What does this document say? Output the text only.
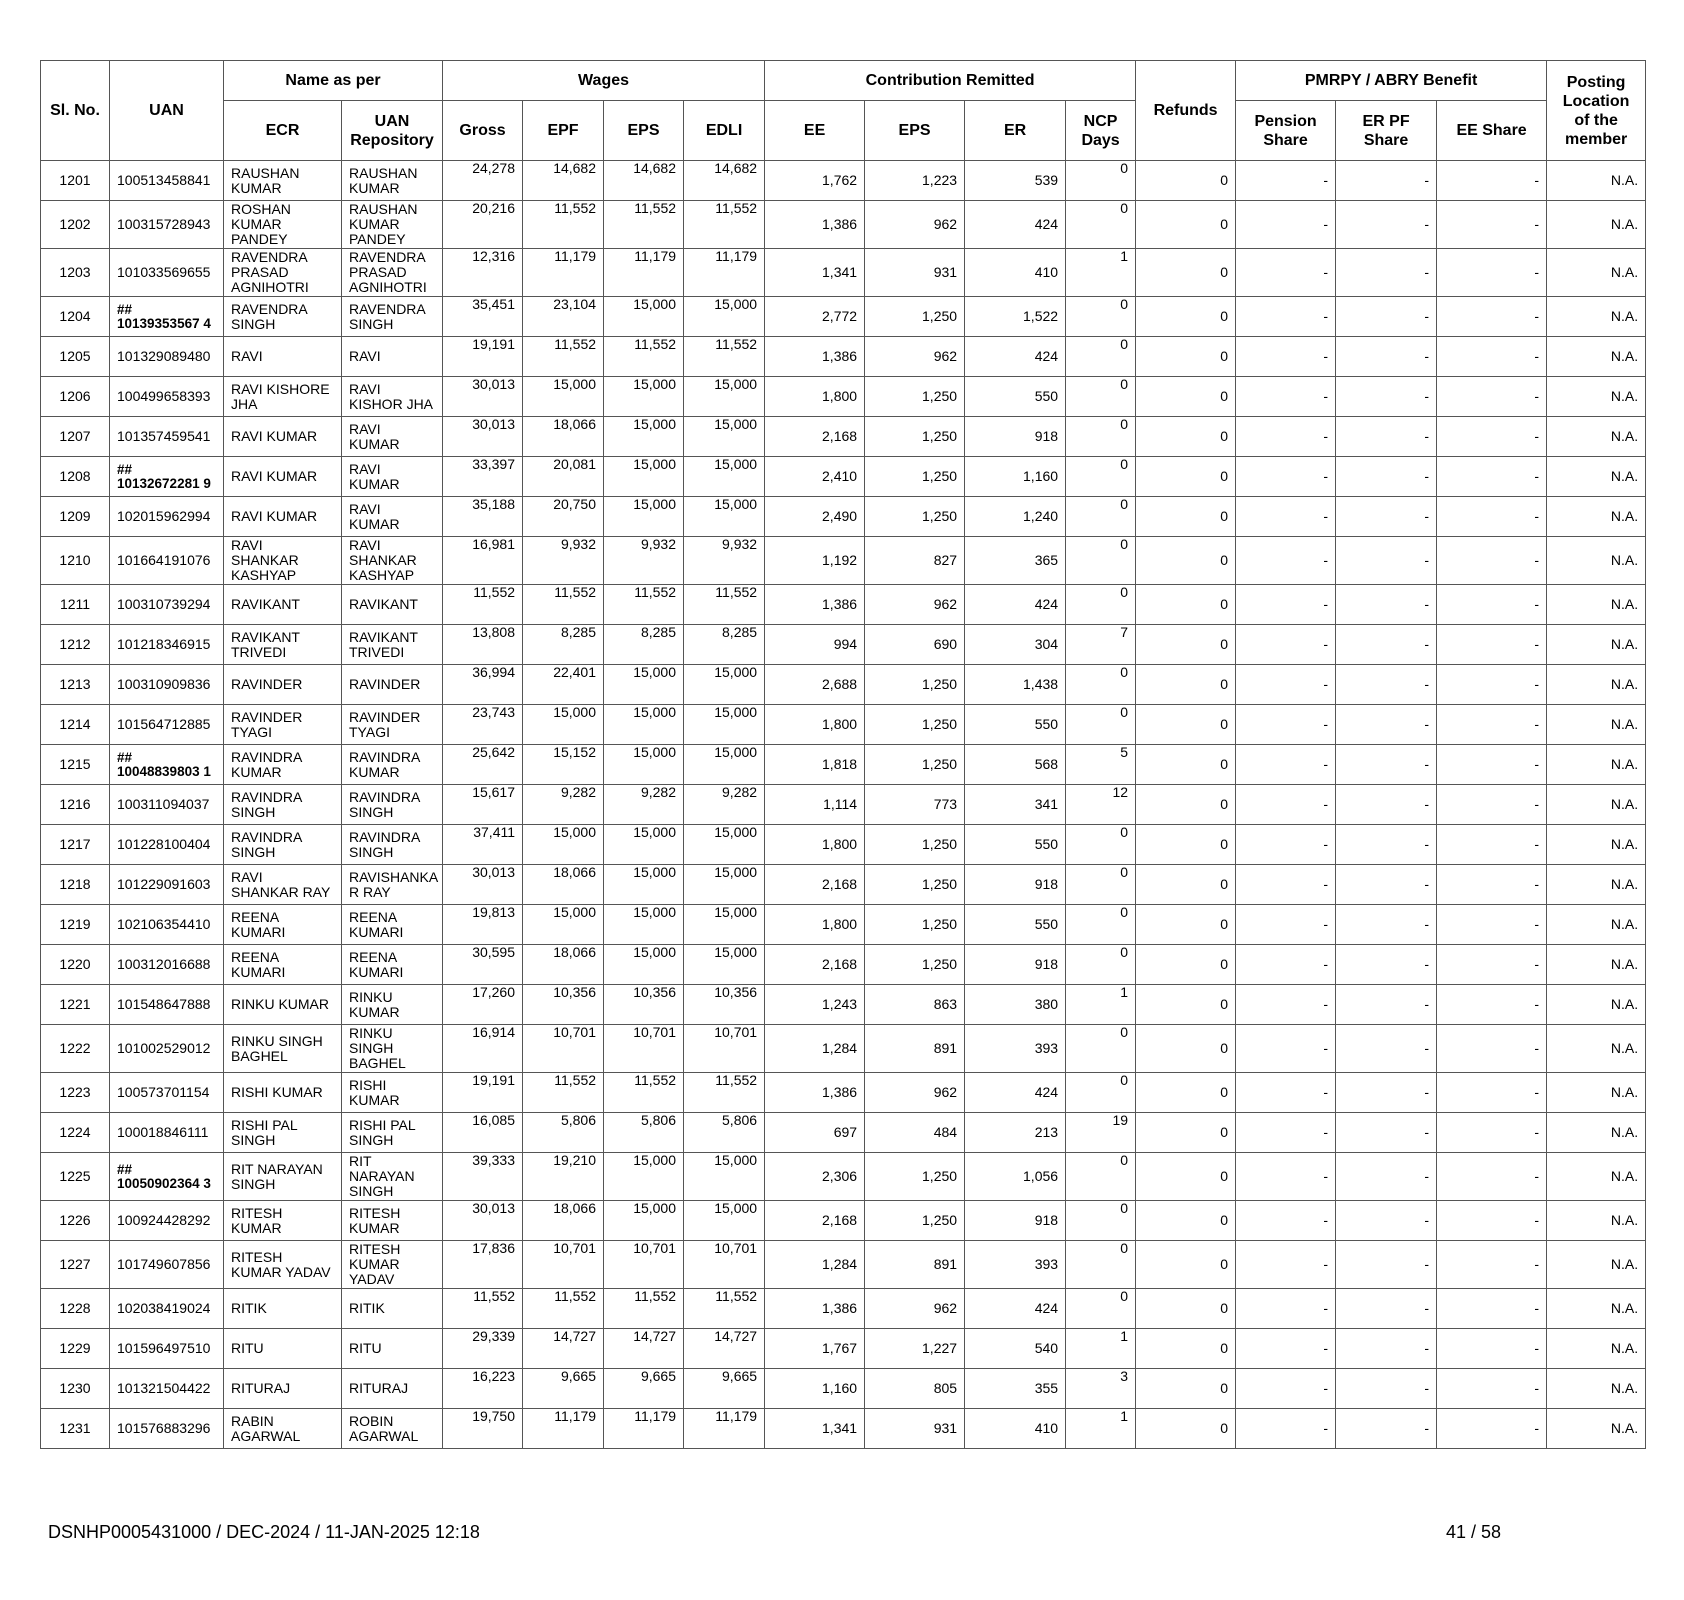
Sl. No.	UAN	Name as per		Wages				Contribution Remitted				Refunds	PMRPY / ABRY Benefit			Posting Location of the member
		ECR	UAN Repository	Gross	EPF	EPS	EDLI	EE	EPS	ER	NCP Days		Pension Share	ER PF Share	EE Share	
1201	100513458841	RAUSHAN KUMAR	RAUSHAN KUMAR	24,278	14,682	14,682	14,682	1,762	1,223	539	0	0	-	-	-	N.A.
1202	100315728943	ROSHAN KUMAR PANDEY	RAUSHAN KUMAR PANDEY	20,216	11,552	11,552	11,552	1,386	962	424	0	0	-	-	-	N.A.
1203	101033569655	RAVENDRA PRASAD AGNIHOTRI	RAVENDRA PRASAD AGNIHOTRI	12,316	11,179	11,179	11,179	1,341	931	410	1	0	-	-	-	N.A.
1204	## 10139353567 4	RAVENDRA SINGH	RAVENDRA SINGH	35,451	23,104	15,000	15,000	2,772	1,250	1,522	0	0	-	-	-	N.A.
1205	101329089480	RAVI	RAVI	19,191	11,552	11,552	11,552	1,386	962	424	0	0	-	-	-	N.A.
1206	100499658393	RAVI KISHORE JHA	RAVI KISHOR JHA	30,013	15,000	15,000	15,000	1,800	1,250	550	0	0	-	-	-	N.A.
1207	101357459541	RAVI KUMAR	RAVI KUMAR	30,013	18,066	15,000	15,000	2,168	1,250	918	0	0	-	-	-	N.A.
1208	## 10132672281 9	RAVI KUMAR	RAVI KUMAR	33,397	20,081	15,000	15,000	2,410	1,250	1,160	0	0	-	-	-	N.A.
1209	102015962994	RAVI KUMAR	RAVI KUMAR	35,188	20,750	15,000	15,000	2,490	1,250	1,240	0	0	-	-	-	N.A.
1210	101664191076	RAVI SHANKAR KASHYAP	RAVI SHANKAR KASHYAP	16,981	9,932	9,932	9,932	1,192	827	365	0	0	-	-	-	N.A.
1211	100310739294	RAVIKANT	RAVIKANT	11,552	11,552	11,552	11,552	1,386	962	424	0	0	-	-	-	N.A.
1212	101218346915	RAVIKANT TRIVEDI	RAVIKANT TRIVEDI	13,808	8,285	8,285	8,285	994	690	304	7	0	-	-	-	N.A.
1213	100310909836	RAVINDER	RAVINDER	36,994	22,401	15,000	15,000	2,688	1,250	1,438	0	0	-	-	-	N.A.
1214	101564712885	RAVINDER TYAGI	RAVINDER TYAGI	23,743	15,000	15,000	15,000	1,800	1,250	550	0	0	-	-	-	N.A.
1215	## 10048839803 1	RAVINDRA KUMAR	RAVINDRA KUMAR	25,642	15,152	15,000	15,000	1,818	1,250	568	5	0	-	-	-	N.A.
1216	100311094037	RAVINDRA SINGH	RAVINDRA SINGH	15,617	9,282	9,282	9,282	1,114	773	341	12	0	-	-	-	N.A.
1217	101228100404	RAVINDRA SINGH	RAVINDRA SINGH	37,411	15,000	15,000	15,000	1,800	1,250	550	0	0	-	-	-	N.A.
1218	101229091603	RAVI SHANKAR RAY	RAVISHANKA R RAY	30,013	18,066	15,000	15,000	2,168	1,250	918	0	0	-	-	-	N.A.
1219	102106354410	REENA KUMARI	REENA KUMARI	19,813	15,000	15,000	15,000	1,800	1,250	550	0	0	-	-	-	N.A.
1220	100312016688	REENA KUMARI	REENA KUMARI	30,595	18,066	15,000	15,000	2,168	1,250	918	0	0	-	-	-	N.A.
1221	101548647888	RINKU KUMAR	RINKU KUMAR	17,260	10,356	10,356	10,356	1,243	863	380	1	0	-	-	-	N.A.
1222	101002529012	RINKU SINGH BAGHEL	RINKU SINGH BAGHEL	16,914	10,701	10,701	10,701	1,284	891	393	0	0	-	-	-	N.A.
1223	100573701154	RISHI KUMAR	RISHI KUMAR	19,191	11,552	11,552	11,552	1,386	962	424	0	0	-	-	-	N.A.
1224	100018846111	RISHI PAL SINGH	RISHI PAL SINGH	16,085	5,806	5,806	5,806	697	484	213	19	0	-	-	-	N.A.
1225	## 10050902364 3	RIT NARAYAN SINGH	RIT NARAYAN SINGH	39,333	19,210	15,000	15,000	2,306	1,250	1,056	0	0	-	-	-	N.A.
1226	100924428292	RITESH KUMAR	RITESH KUMAR	30,013	18,066	15,000	15,000	2,168	1,250	918	0	0	-	-	-	N.A.
1227	101749607856	RITESH KUMAR YADAV	RITESH KUMAR YADAV	17,836	10,701	10,701	10,701	1,284	891	393	0	0	-	-	-	N.A.
1228	102038419024	RITIK	RITIK	11,552	11,552	11,552	11,552	1,386	962	424	0	0	-	-	-	N.A.
1229	101596497510	RITU	RITU	29,339	14,727	14,727	14,727	1,767	1,227	540	1	0	-	-	-	N.A.
1230	101321504422	RITURAJ	RITURAJ	16,223	9,665	9,665	9,665	1,160	805	355	3	0	-	-	-	N.A.
1231	101576883296	RABIN AGARWAL	ROBIN AGARWAL	19,750	11,179	11,179	11,179	1,341	931	410	1	0	-	-	-	N.A.
DSNHP0005431000 / DEC-2024 / 11-JAN-2025 12:18	41 / 58
